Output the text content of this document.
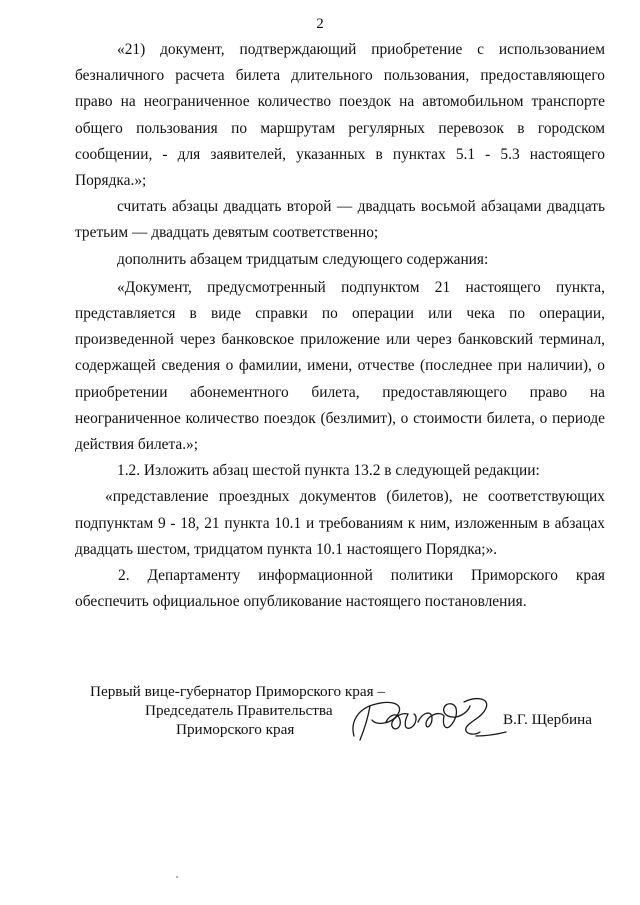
2

«21) документ, подтверждающий приобретение с использованием безналичного расчета билета длительного пользования, предоставляющего право на неограниченное количество поездок на автомобильном транспорте общего пользования по маршрутам регулярных перевозок в городском сообщении, - для заявителей, указанных в пунктах 5.1 - 5.3 настоящего Порядка.»;

считать абзацы двадцать второй — двадцать восьмой абзацами двадцать третьим — двадцать девятым соответственно;

дополнить абзацем тридцатым следующего содержания:

«Документ, предусмотренный подпунктом 21 настоящего пункта, представляется в виде справки по операции или чека по операции, произведенной через банковское приложение или через банковский терминал, содержащей сведения о фамилии, имени, отчестве (последнее при наличии), о приобретении абонементного билета, предоставляющего право на неограниченное количество поездок (безлимит), о стоимости билета, о периоде действия билета.»;

1.2. Изложить абзац шестой пункта 13.2 в следующей редакции:

«представление проездных документов (билетов), не соответствующих подпунктам 9 - 18, 21 пункта 10.1 и требованиям к ним, изложенным в абзацах двадцать шестом, тридцатом пункта 10.1 настоящего Порядка;».

2. Департаменту информационной политики Приморского края обеспечить официальное опубликование настоящего постановления.

Первый вице-губернатор Приморского края –
Председатель Правительства
Приморского края
В.Г. Щербина
